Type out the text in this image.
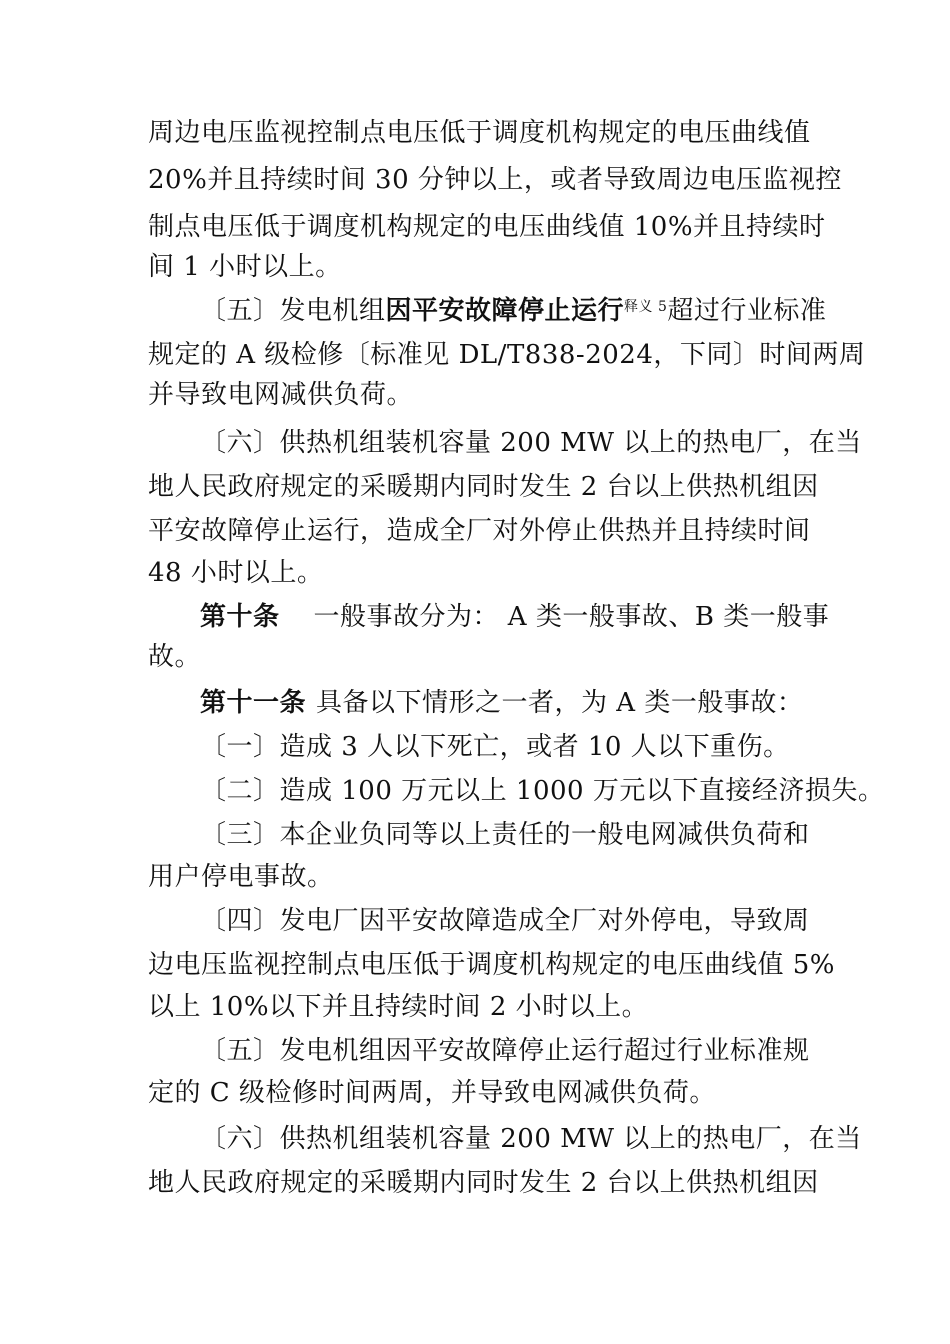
周边电压监视控制点电压低于调度机构规定的电压曲线值
20%并且持续时间 30 分钟以上，或者导致周边电压监视控
制点电压低于调度机构规定的电压曲线值 10%并且持续时
间 1 小时以上。
〔五〕发电机组因平安故障停止运行$^{释义 5}$超过行业标准
规定的 A 级检修〔标准见 DL/T838-2024，下同〕时间两周
并导致电网减供负荷。
〔六〕供热机组装机容量 200 MW 以上的热电厂，在当
地人民政府规定的采暖期内同时发生 2 台以上供热机组因
平安故障停止运行，造成全厂对外停止供热并且持续时间
48 小时以上。
第十条 一般事故分为： A 类一般事故、B 类一般事
故。
第十一条 具备以下情形之一者，为 A 类一般事故：
〔一〕造成 3 人以下死亡，或者 10 人以下重伤。
〔二〕造成 100 万元以上 1000 万元以下直接经济损失。
〔三〕本企业负同等以上责任的一般电网减供负荷和
用户停电事故。
〔四〕发电厂因平安故障造成全厂对外停电，导致周
边电压监视控制点电压低于调度机构规定的电压曲线值 5%
以上 10%以下并且持续时间 2 小时以上。
〔五〕发电机组因平安故障停止运行超过行业标准规
定的 C 级检修时间两周，并导致电网减供负荷。
〔六〕供热机组装机容量 200 MW 以上的热电厂，在当
地人民政府规定的采暖期内同时发生 2 台以上供热机组因
